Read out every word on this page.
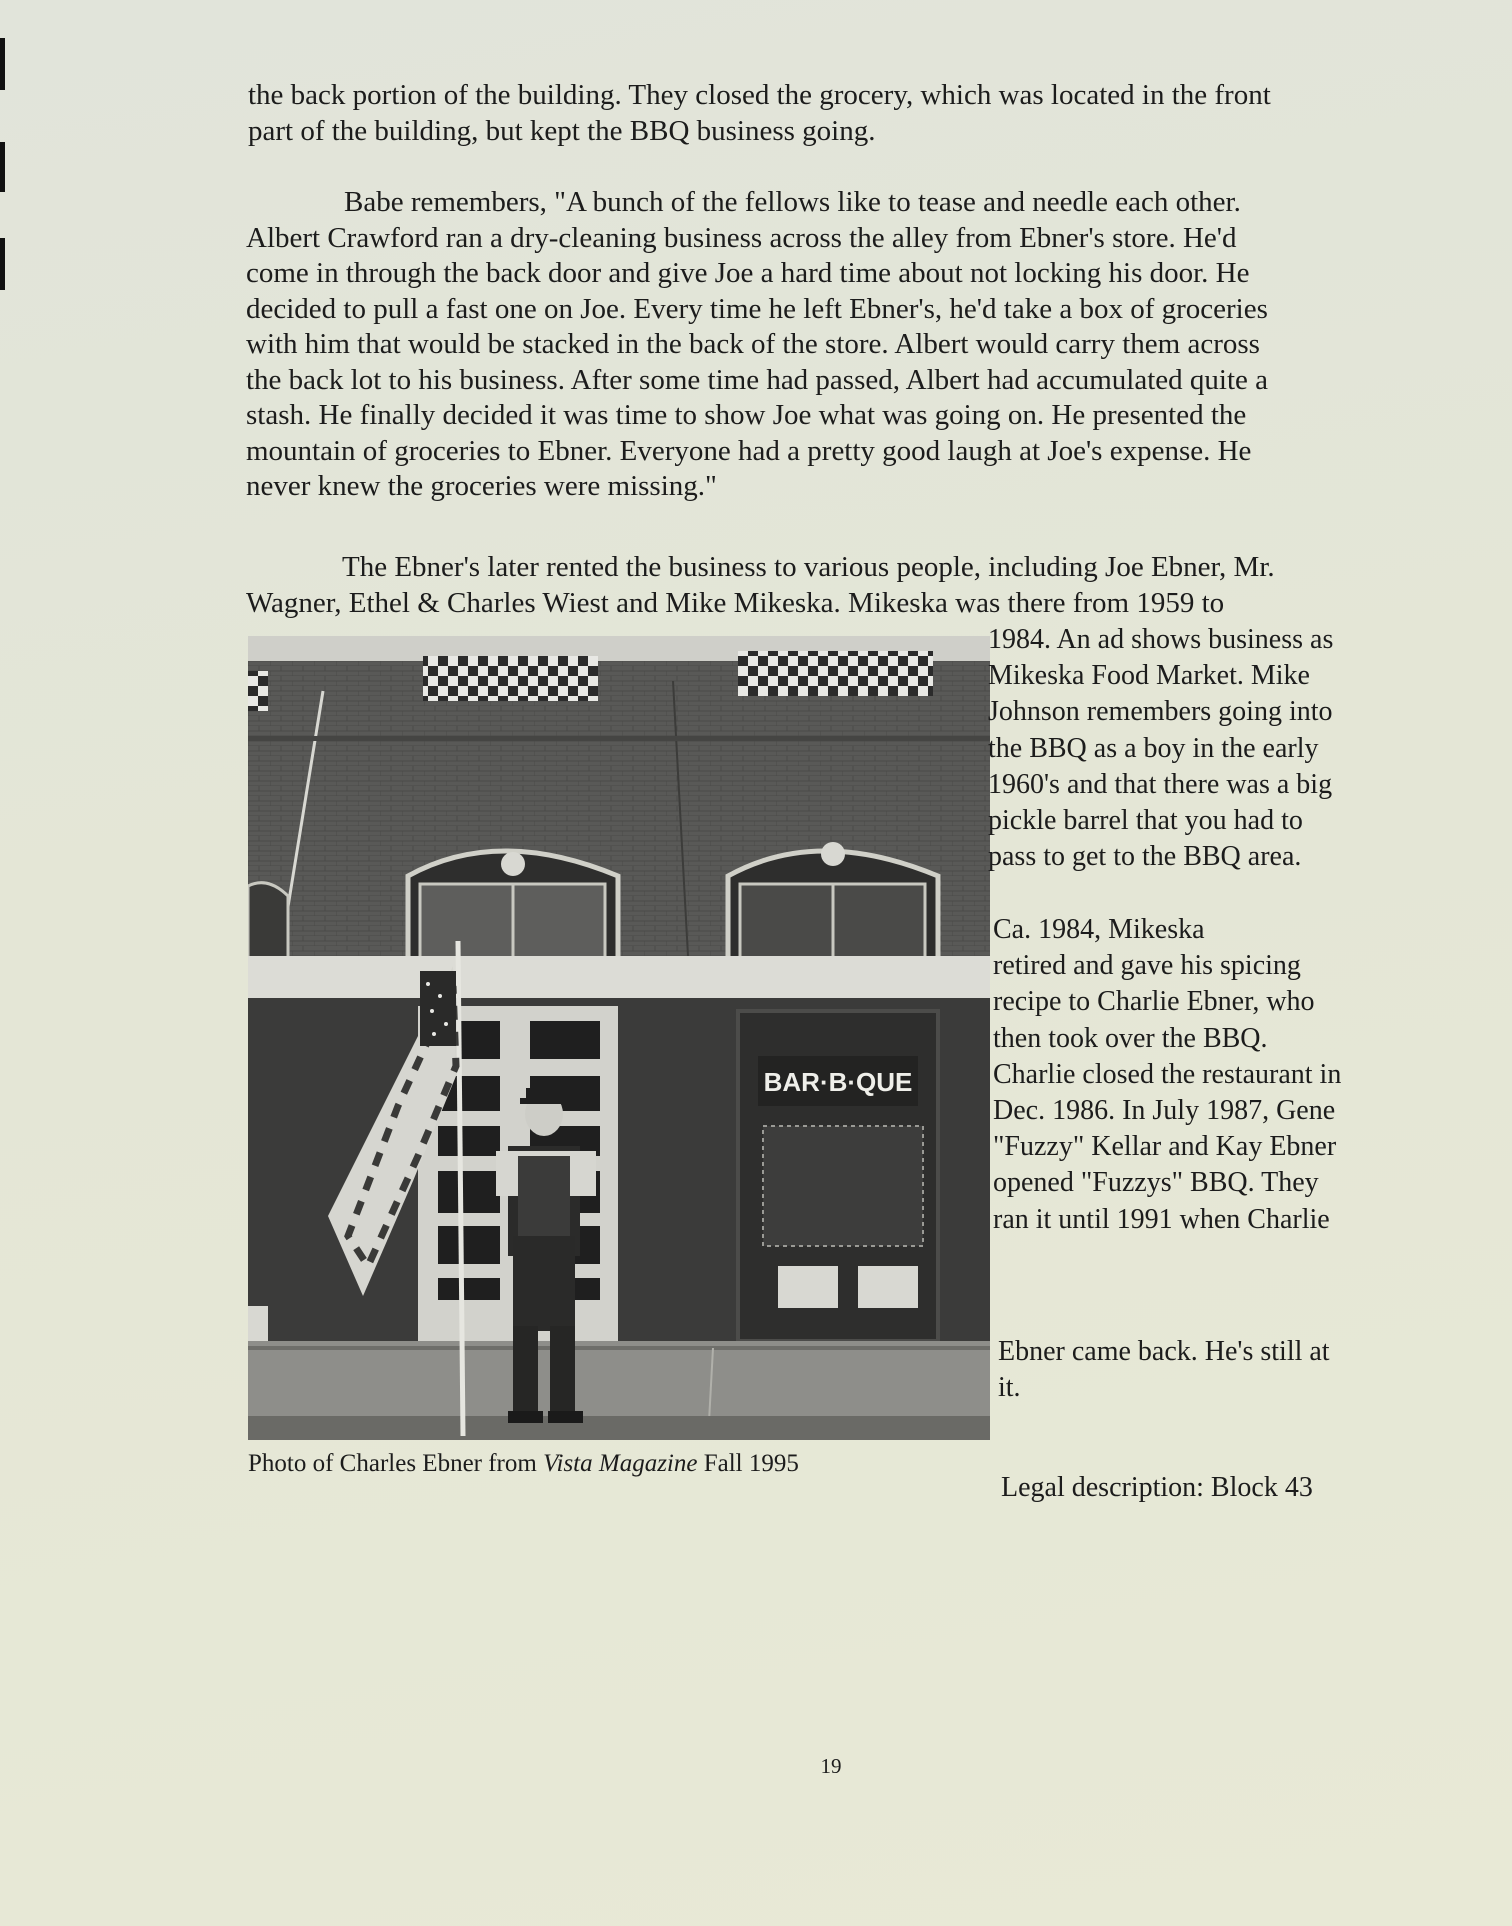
the back portion of the building. They closed the grocery, which was located in the front
part of the building, but kept the BBQ business going.
Babe remembers, "A bunch of the fellows like to tease and needle each other.
Albert Crawford ran a dry-cleaning business across the alley from Ebner's store. He'd
come in through the back door and give Joe a hard time about not locking his door. He
decided to pull a fast one on Joe. Every time he left Ebner's, he'd take a box of groceries
with him that would be stacked in the back of the store. Albert would carry them across
the back lot to his business. After some time had passed, Albert had accumulated quite a
stash. He finally decided it was time to show Joe what was going on. He presented the
mountain of groceries to Ebner. Everyone had a pretty good laugh at Joe's expense. He
never knew the groceries were missing."
The Ebner's later rented the business to various people, including Joe Ebner, Mr.
Wagner, Ethel & Charles Wiest and Mike Mikeska. Mikeska was there from 1959 to
BAR·B·QUE
Photo of Charles Ebner from Vista Magazine Fall 1995
1984. An ad shows business as
Mikeska Food Market. Mike
Johnson remembers going into
the BBQ as a boy in the early
1960's and that there was a big
pickle barrel that you had to
pass to get to the BBQ area.
Ca. 1984, Mikeska
retired and gave his spicing
recipe to Charlie Ebner, who
then took over the BBQ.
Charlie closed the restaurant in
Dec. 1986. In July 1987, Gene
"Fuzzy" Kellar and Kay Ebner
opened "Fuzzys" BBQ. They
ran it until 1991 when Charlie
Ebner came back. He's still at
it.
Legal description: Block 43
19
